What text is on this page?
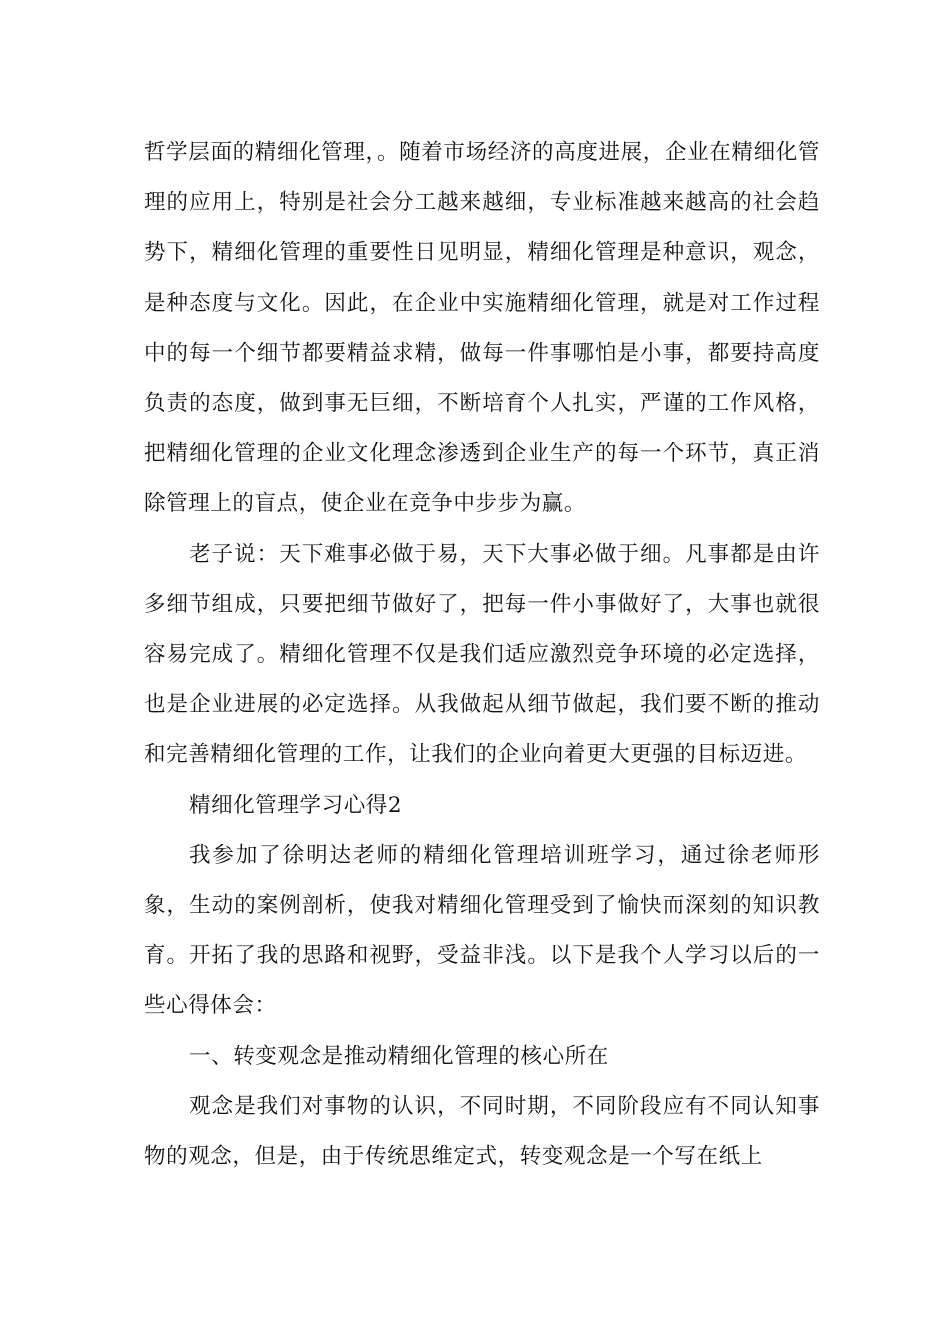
哲学层面的精细化管理，。随着市场经济的高度进展，企业在精细化管理的应用上，特别是社会分工越来越细，专业标准越来越高的社会趋势下，精细化管理的重要性日见明显，精细化管理是种意识，观念，是种态度与文化。因此，在企业中实施精细化管理，就是对工作过程中的每一个细节都要精益求精，做每一件事哪怕是小事，都要持高度负责的态度，做到事无巨细，不断培育个人扎实，严谨的工作风格，把精细化管理的企业文化理念渗透到企业生产的每一个环节，真正消除管理上的盲点，使企业在竞争中步步为赢。

老子说：天下难事必做于易，天下大事必做于细。凡事都是由许多细节组成，只要把细节做好了，把每一件小事做好了，大事也就很容易完成了。精细化管理不仅是我们适应激烈竞争环境的必定选择，也是企业进展的必定选择。从我做起从细节做起，我们要不断的推动和完善精细化管理的工作，让我们的企业向着更大更强的目标迈进。

精细化管理学习心得2

我参加了徐明达老师的精细化管理培训班学习，通过徐老师形象，生动的案例剖析，使我对精细化管理受到了愉快而深刻的知识教育。开拓了我的思路和视野，受益非浅。以下是我个人学习以后的一些心得体会：

一、转变观念是推动精细化管理的核心所在

观念是我们对事物的认识，不同时期，不同阶段应有不同认知事物的观念，但是，由于传统思维定式，转变观念是一个写在纸上
